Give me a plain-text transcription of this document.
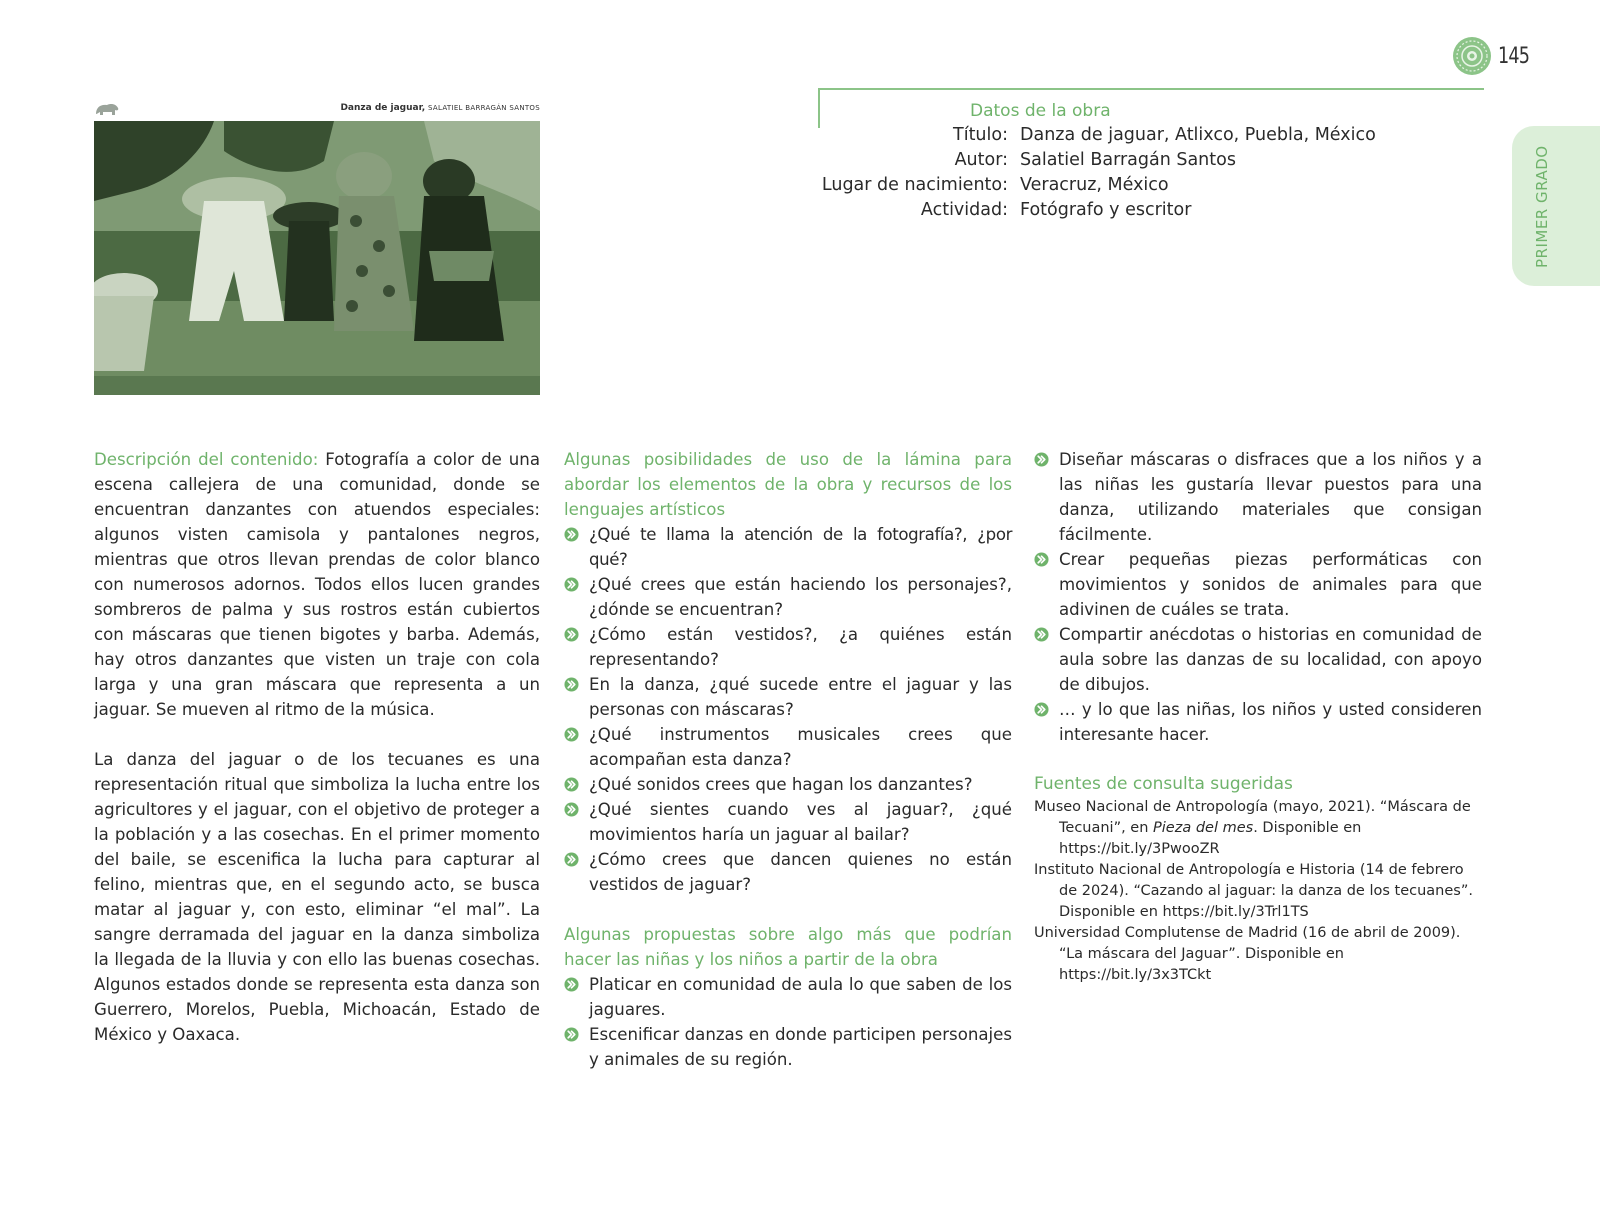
145
PRIMER GRADO
Danza de jaguar, SALATIEL BARRAGÁN SANTOS	Datos de la obra
Título: Danza de jaguar, Atlixco, Puebla, México
Autor: Salatiel Barragán Santos
Lugar de nacimiento: Veracruz, México
Actividad: Fotógrafo y escritor

Descripción del contenido: Fotografía a color de una escena callejera de una comunidad, donde se encuentran danzantes con atuendos especiales: algunos visten camisola y pantalones negros, mientras que otros llevan prendas de color blanco con numerosos adornos. Todos ellos lucen grandes sombreros de palma y sus rostros están cubiertos con máscaras que tienen bigotes y barba. Además, hay otros danzantes que visten un traje con cola larga y una gran máscara que representa a un jaguar. Se mueven al ritmo de la música.

La danza del jaguar o de los tecuanes es una representación ritual que simboliza la lucha entre los agricultores y el jaguar, con el objetivo de proteger a la población y a las cosechas. En el primer momento del baile, se escenifica la lucha para capturar al felino, mientras que, en el segundo acto, se busca matar al jaguar y, con esto, eliminar “el mal”. La sangre derramada del jaguar en la danza simboliza la llegada de la lluvia y con ello las buenas cosechas. Algunos estados donde se representa esta danza son Guerrero, Morelos, Puebla, Michoacán, Estado de México y Oaxaca.

Algunas posibilidades de uso de la lámina para abordar los elementos de la obra y recursos de los lenguajes artísticos

¿Qué te llama la atención de la fotografía?, ¿por qué?
¿Qué crees que están haciendo los personajes?, ¿dónde se encuentran?
¿Cómo están vestidos?, ¿a quiénes están representando?
En la danza, ¿qué sucede entre el jaguar y las personas con máscaras?
¿Qué instrumentos musicales crees que acompañan esta danza?
¿Qué sonidos crees que hagan los danzantes?
¿Qué sientes cuando ves al jaguar?, ¿qué movimientos haría un jaguar al bailar?
¿Cómo crees que dancen quienes no están vestidos de jaguar?

Algunas propuestas sobre algo más que podrían hacer las niñas y los niños a partir de la obra

Platicar en comunidad de aula lo que saben de los jaguares.
Escenificar danzas en donde participen personajes y animales de su región.
Diseñar máscaras o disfraces que a los niños y a las niñas les gustaría llevar puestos para una danza, utilizando materiales que consigan fácilmente.
Crear pequeñas piezas performáticas con movimientos y sonidos de animales para que adivinen de cuáles se trata.
Compartir anécdotas o historias en comunidad de aula sobre las danzas de su localidad, con apoyo de dibujos.
… y lo que las niñas, los niños y usted consideren interesante hacer.
Fuentes de consulta sugeridas

Museo Nacional de Antropología (mayo, 2021). “Máscara de Tecuani”, en Pieza del mes. Disponible en https://bit.ly/3PwooZR

Instituto Nacional de Antropología e Historia (14 de febrero de 2024). “Cazando al jaguar: la danza de los tecuanes”. Disponible en https://bit.ly/3Trl1TS

Universidad Complutense de Madrid (16 de abril de 2009). “La máscara del Jaguar”. Disponible en https://bit.ly/3x3TCkt
